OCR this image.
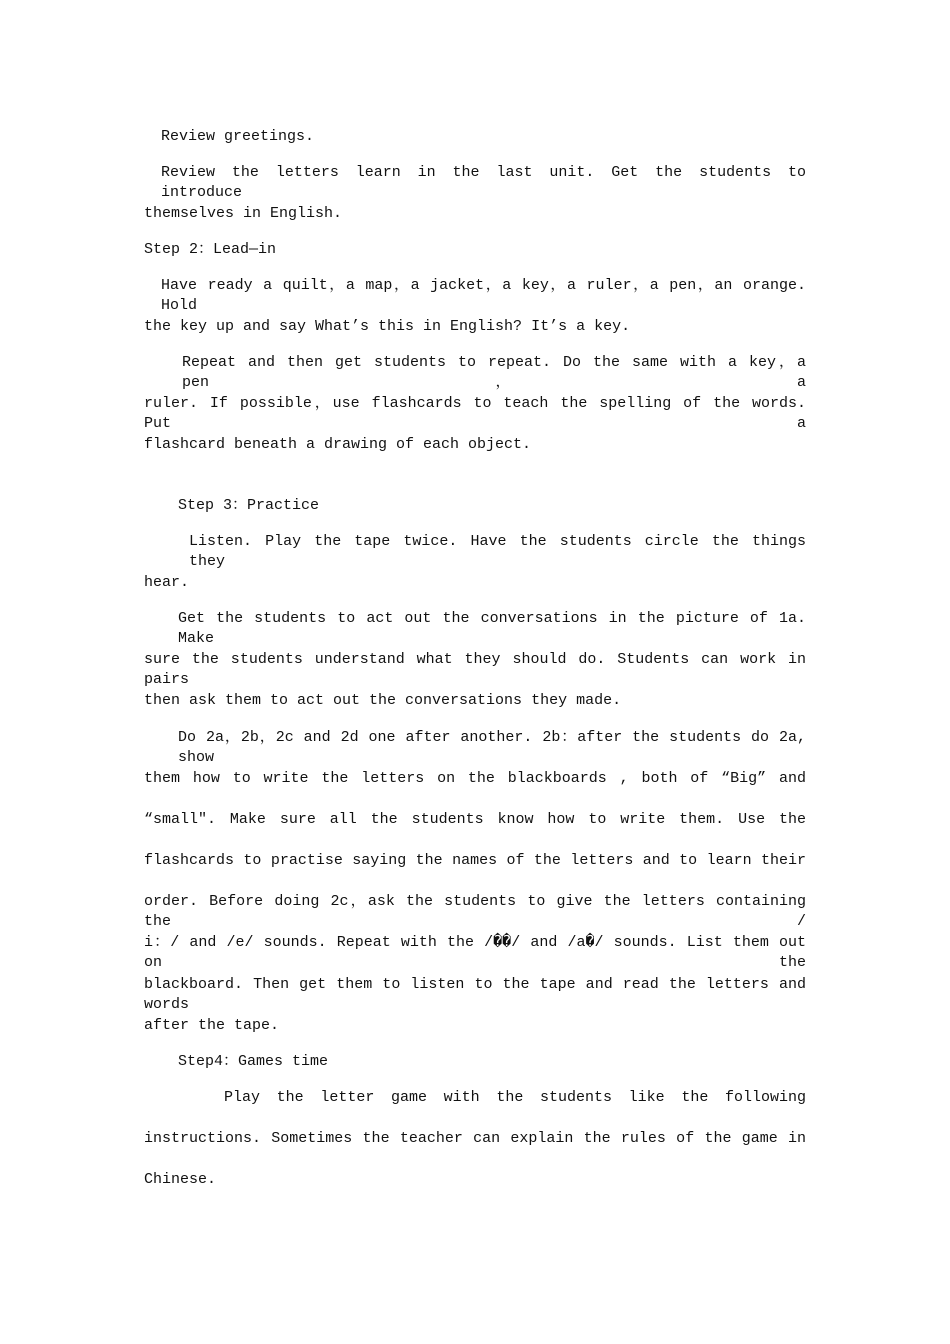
Review greetings.
Review the letters learn in the last unit. Get the students to introduce
themselves in English.
Step 2：Lead—in
Have ready a quilt，a map，a jacket，a key，a ruler，a pen，an orange. Hold
the key up and say What’s this in English? It’s a key.
Repeat and then get students to repeat. Do the same with a key，a pen，a
ruler. If possible，use flashcards to teach the spelling of the words. Put a
flashcard beneath a drawing of each object.
Step 3：Practice
Listen. Play the tape twice. Have the students circle the things they
hear.
Get the students to act out the conversations in the picture of 1a. Make
sure the students understand what they should do. Students can work in pairs
then ask them to act out the conversations they made.
Do 2a，2b，2c and 2d one after another. 2b：after the students do 2a, show
them how to write the letters on the blackboards , both of “Big” and
“small″. Make sure all the students know how to write them. Use the
flashcards to practise saying the names of the letters and to learn their
order. Before doing 2c，ask the students to give the letters containing the /
i：/ and /e/ sounds. Repeat with the /��/ and /a�/ sounds. List them out on the
blackboard. Then get them to listen to the tape and read the letters and words
after the tape.
Step4：Games time
Play the letter game with the students like the following
instructions. Sometimes the teacher can explain the rules of the game in
Chinese.
